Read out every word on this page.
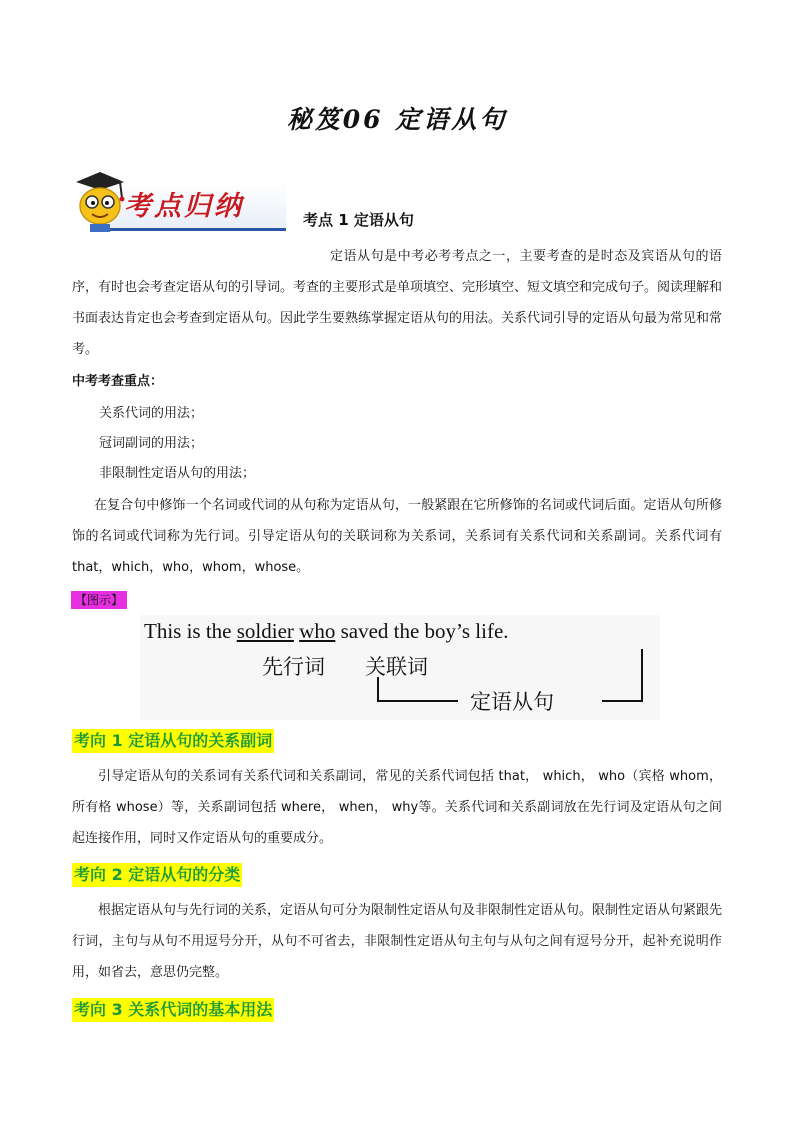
秘笈06 定语从句
考点归纳	考点 1 定语从句
定语从句是中考必考考点之一，主要考查的是时态及宾语从句的语序，有时也会考查定语从句的引导词。考查的主要形式是单项填空、完形填空、短文填空和完成句子。阅读理解和书面表达肯定也会考查到定语从句。因此学生要熟练掌握定语从句的用法。关系代词引导的定语从句最为常见和常考。
中考考查重点：
关系代词的用法；
冠词副词的用法；
非限制性定语从句的用法；
在复合句中修饰一个名词或代词的从句称为定语从句，一般紧跟在它所修饰的名词或代词后面。定语从句所修饰的名词或代词称为先行词。引导定语从句的关联词称为关系词，关系词有关系代词和关系副词。关系代词有 that，which，who，whom，whose。
【图示】
This is the soldier who saved the boy’s life.
先行词 关联词
定语从句
考向 1 定语从句的关系副词
引导定语从句的关系词有关系代词和关系副词，常见的关系代词包括 that， which， who（宾格 whom，所有格 whose）等，关系副词包括 where， when， why等。关系代词和关系副词放在先行词及定语从句之间起连接作用，同时又作定语从句的重要成分。
考向 2 定语从句的分类
根据定语从句与先行词的关系，定语从句可分为限制性定语从句及非限制性定语从句。限制性定语从句紧跟先行词，主句与从句不用逗号分开，从句不可省去，非限制性定语从句主句与从句之间有逗号分开，起补充说明作用，如省去，意思仍完整。
考向 3 关系代词的基本用法
